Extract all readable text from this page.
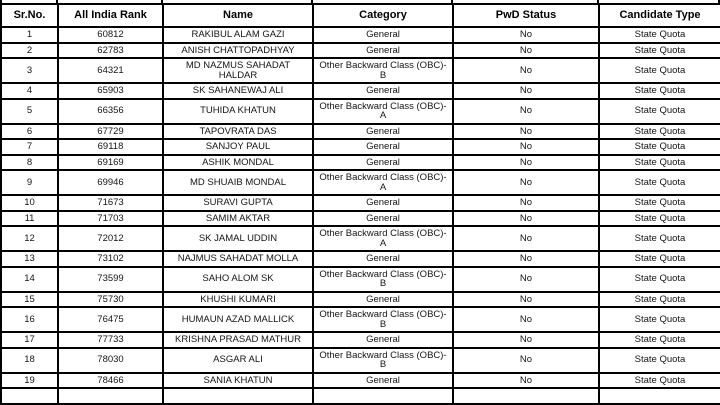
Sr.No.	All India Rank	Name	Category	PwD Status	Candidate Type
1	60812	RAKIBUL ALAM GAZI	General	No	State Quota
2	62783	ANISH CHATTOPADHYAY	General	No	State Quota
3	64321	MD NAZMUS SAHADAT HALDAR	Other Backward Class (OBC)-B	No	State Quota
4	65903	SK SAHANEWAJ ALI	General	No	State Quota
5	66356	TUHIDA KHATUN	Other Backward Class (OBC)-A	No	State Quota
6	67729	TAPOVRATA DAS	General	No	State Quota
7	69118	SANJOY PAUL	General	No	State Quota
8	69169	ASHIK MONDAL	General	No	State Quota
9	69946	MD SHUAIB MONDAL	Other Backward Class (OBC)-A	No	State Quota
10	71673	SURAVI GUPTA	General	No	State Quota
11	71703	SAMIM AKTAR	General	No	State Quota
12	72012	SK JAMAL UDDIN	Other Backward Class (OBC)-A	No	State Quota
13	73102	NAJMUS SAHADAT MOLLA	General	No	State Quota
14	73599	SAHO ALOM SK	Other Backward Class (OBC)-B	No	State Quota
15	75730	KHUSHI KUMARI	General	No	State Quota
16	76475	HUMAUN AZAD MALLICK	Other Backward Class (OBC)-B	No	State Quota
17	77733	KRISHNA PRASAD MATHUR	General	No	State Quota
18	78030	ASGAR ALI	Other Backward Class (OBC)-B	No	State Quota
19	78466	SANIA KHATUN	General	No	State Quota
